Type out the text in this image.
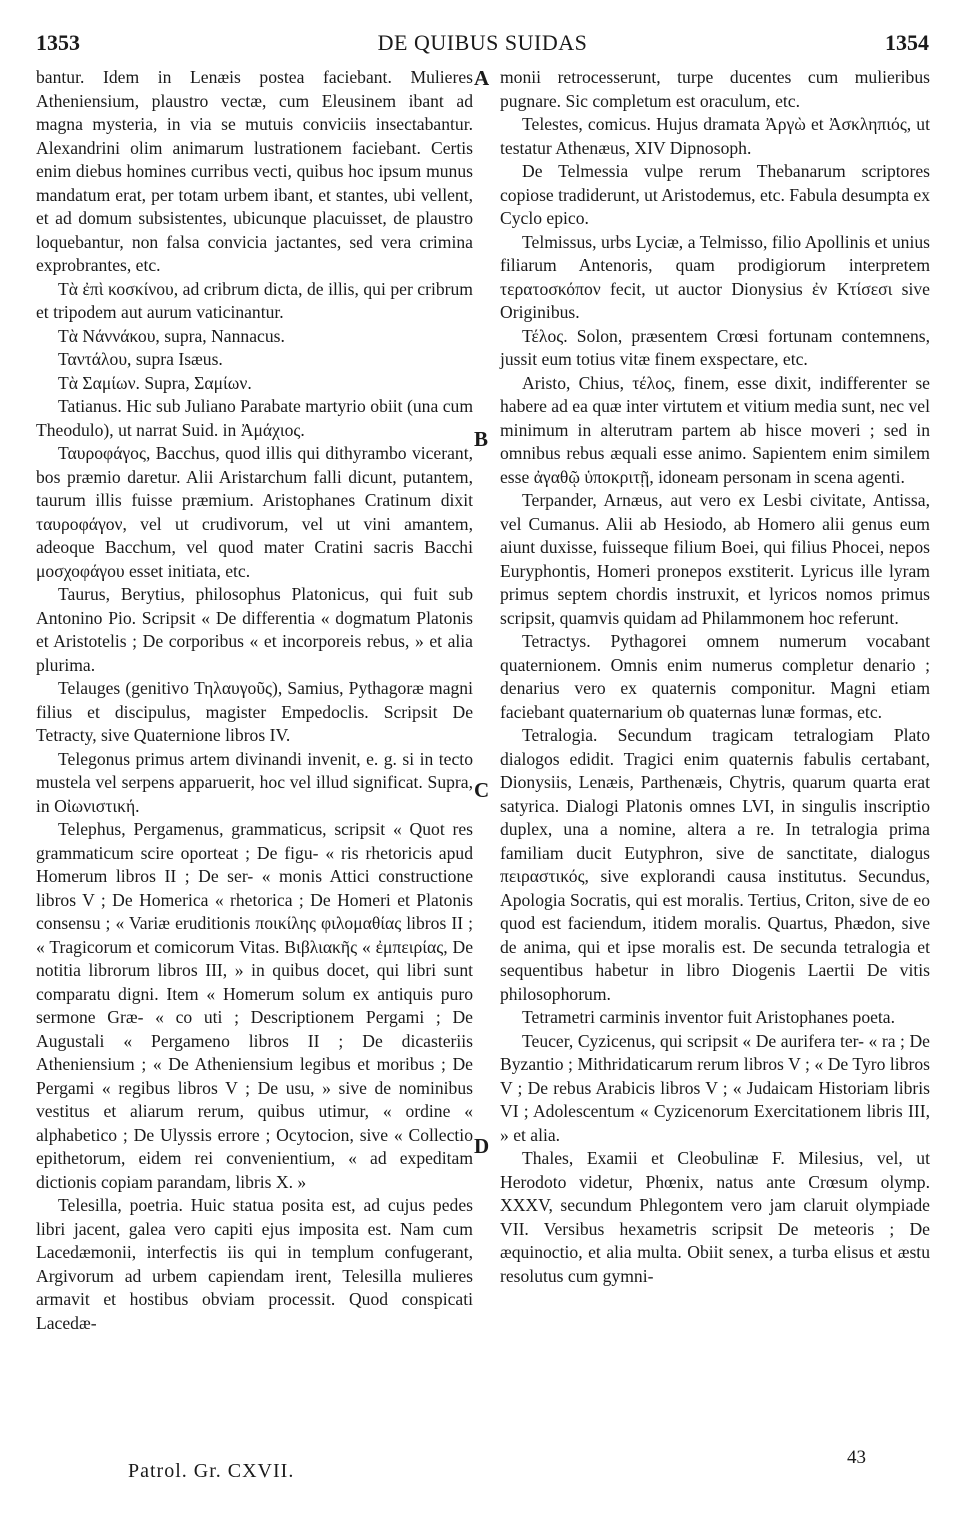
1353	DE QUIBUS SUIDAS	1354

bantur. Idem in Lenæis postea faciebant. Mulieres Atheniensium, plaustro vectæ, cum Eleusinem ibant ad magna mysteria, in via se mutuis conviciis insectabantur. Alexandrini olim animarum lustrationem faciebant. Certis enim diebus homines curribus vecti, quibus hoc ipsum munus mandatum erat, per totam urbem ibant, et stantes, ubi vellent, et ad domum subsistentes, ubicunque placuisset, de plaustro loquebantur, non falsa convicia jactantes, sed vera crimina exprobrantes, etc.

Τὰ ἐπὶ κοσκίνου, ad cribrum dicta, de illis, qui per cribrum et tripodem aut aurum vaticinantur.

Τὰ Νάννάκου, supra, Nannacus.

Ταντάλου, supra Isæus.

Τὰ Σαμίων. Supra, Σαμίων.

Tatianus. Hic sub Juliano Parabate martyrio obiit (una cum Theodulo), ut narrat Suid. in Ἀμάχιος.

Ταυροφάγος, Bacchus, quod illis qui dithyrambo vicerant, bos præmio daretur. Alii Aristarchum falli dicunt, putantem, taurum illis fuisse præmium. Aristophanes Cratinum dixit ταυροφάγον, vel ut crudivorum, vel ut vini amantem, adeoque Bacchum, vel quod mater Cratini sacris Bacchi μοσχοφάγου esset initiata, etc.

Taurus, Berytius, philosophus Platonicus, qui fuit sub Antonino Pio. Scripsit « De differentia « dogmatum Platonis et Aristotelis ; De corporibus « et incorporeis rebus, » et alia plurima.

Telauges (genitivo Τηλαυγοῦς), Samius, Pythagoræ magni filius et discipulus, magister Empedoclis. Scripsit De Tetracty, sive Quaternione libros IV.

Telegonus primus artem divinandi invenit, e. g. si in tecto mustela vel serpens apparuerit, hoc vel illud significat. Supra, in Οἰωνιστική.

Telephus, Pergamenus, grammaticus, scripsit « Quot res grammaticum scire oporteat ; De figu- « ris rhetoricis apud Homerum libros II ; De ser- « monis Attici constructione libros V ; De Homerica « rhetorica ; De Homeri et Platonis consensu ; « Variæ eruditionis ποικίλης φιλομαθίας libros II ; « Tragicorum et comicorum Vitas. Βιβλιακῆς « ἐμπειρίας, De notitia librorum libros III, » in quibus docet, qui libri sunt comparatu digni. Item « Homerum solum ex antiquis puro sermone Græ- « co uti ; Descriptionem Pergami ; De Augustali « Pergameno libros II ; De dicasteriis Atheniensium ; « De Atheniensium legibus et moribus ; De Pergami « regibus libros V ; De usu, » sive de nominibus vestitus et aliarum rerum, quibus utimur, « ordine « alphabetico ; De Ulyssis errore ; Ocytocion, sive « Collectio epithetorum, eidem rei convenientium, « ad expeditam dictionis copiam parandam, libris X. »

Telesilla, poetria. Huic statua posita est, ad cujus pedes libri jacent, galea vero capiti ejus imposita est. Nam cum Lacedæmonii, interfectis iis qui in templum confugerant, Argivorum ad urbem capiendam irent, Telesilla mulieres armavit et hostibus obviam processit. Quod conspicati Lacedæ-

monii retrocesserunt, turpe ducentes cum mulieribus pugnare. Sic completum est oraculum, etc.

Telestes, comicus. Hujus dramata Ἀργὼ et Ἀσκληπιός, ut testatur Athenæus, XIV Dipnosoph.

De Telmessia vulpe rerum Thebanarum scriptores copiose tradiderunt, ut Aristodemus, etc. Fabula desumpta ex Cyclo epico.

Telmissus, urbs Lyciæ, a Telmisso, filio Apollinis et unius filiarum Antenoris, quam prodigiorum interpretem τερατοσκόπον fecit, ut auctor Dionysius ἐν Κτίσεσι sive Originibus.

Τέλος. Solon, præsentem Crœsi fortunam contemnens, jussit eum totius vitæ finem exspectare, etc.

Aristo, Chius, τέλος, finem, esse dixit, indifferenter se habere ad ea quæ inter virtutem et vitium media sunt, nec vel minimum in alterutram partem ab hisce moveri ; sed in omnibus rebus æquali esse animo. Sapientem enim similem esse ἀγαθῷ ὑποκριτῇ, idoneam personam in scena agenti.

Terpander, Arnæus, aut vero ex Lesbi civitate, Antissa, vel Cumanus. Alii ab Hesiodo, ab Homero alii genus eum aiunt duxisse, fuisseque filium Boei, qui filius Phocei, nepos Euryphontis, Homeri pronepos exstiterit. Lyricus ille lyram primus septem chordis instruxit, et lyricos nomos primus scripsit, quamvis quidam ad Philammonem hoc referunt.

Tetractys. Pythagorei omnem numerum vocabant quaternionem. Omnis enim numerus completur denario ; denarius vero ex quaternis componitur. Magni etiam faciebant quaternarium ob quaternas lunæ formas, etc.

Tetralogia. Secundum tragicam tetralogiam Plato dialogos edidit. Tragici enim quaternis fabulis certabant, Dionysiis, Lenæis, Parthenæis, Chytris, quarum quarta erat satyrica. Dialogi Platonis omnes LVI, in singulis inscriptio duplex, una a nomine, altera a re. In tetralogia prima familiam ducit Eutyphron, sive de sanctitate, dialogus πειραστικός, sive explorandi causa institutus. Secundus, Apologia Socratis, qui est moralis. Tertius, Criton, sive de eo quod est faciendum, itidem moralis. Quartus, Phædon, sive de anima, qui et ipse moralis est. De secunda tetralogia et sequentibus habetur in libro Diogenis Laertii De vitis philosophorum.

Tetrametri carminis inventor fuit Aristophanes poeta.

Teucer, Cyzicenus, qui scripsit « De aurifera ter- « ra ; De Byzantio ; Mithridaticarum rerum libros V ; « De Tyro libros V ; De rebus Arabicis libros V ; « Judaicam Historiam libris VI ; Adolescentum « Cyzicenorum Exercitationem libris III, » et alia.

Thales, Examii et Cleobulinæ F. Milesius, vel, ut Herodoto videtur, Phœnix, natus ante Crœsum olymp. XXXV, secundum Phlegontem vero jam claruit olympiade VII. Versibus hexametris scripsit De meteoris ; De æquinoctio, et alia multa. Obiit senex, a turba elisus et æstu resolutus cum gymni-

A
B
C
D
Patrol. Gr. CXVII.
43
